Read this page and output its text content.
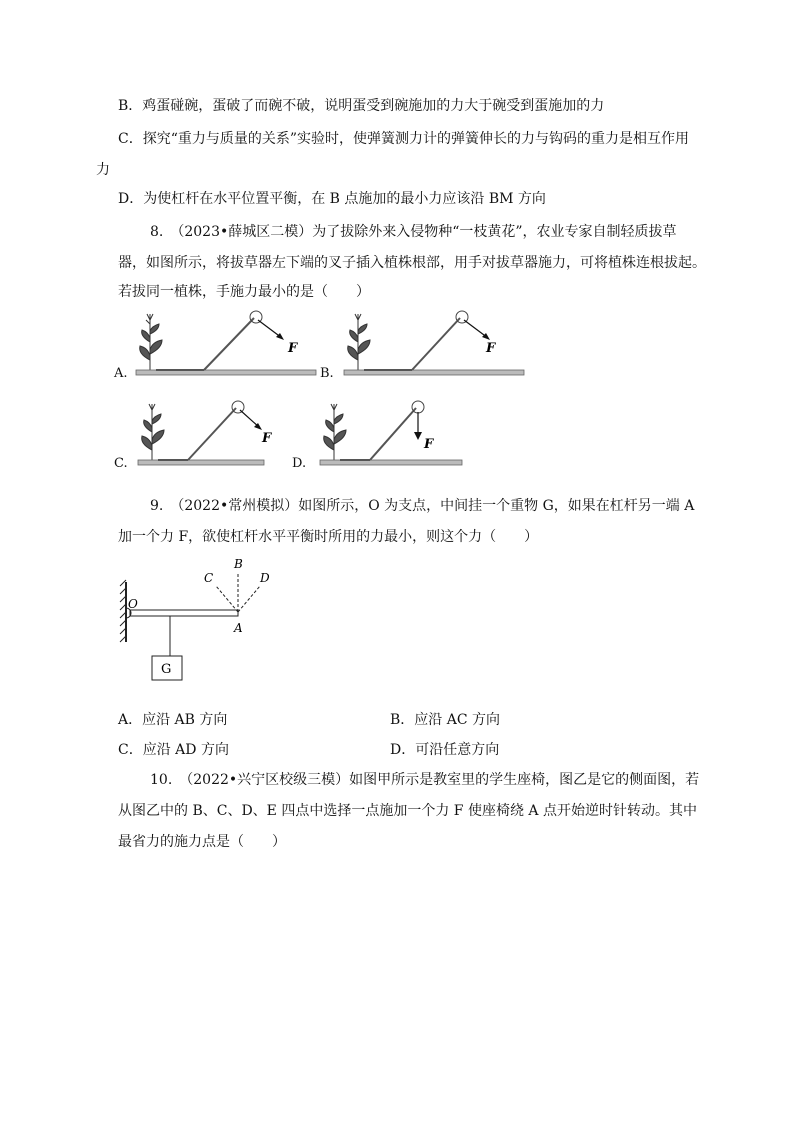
B．鸡蛋碰碗，蛋破了而碗不破，说明蛋受到碗施加的力大于碗受到蛋施加的力
C．探究“重力与质量的关系”实验时，使弹簧测力计的弹簧伸长的力与钩码的重力是相互作用
力
D．为使杠杆在水平位置平衡，在 B 点施加的最小力应该沿 BM 方向
8.　（2023•薛城区二模）为了拔除外来入侵物种“一枝黄花”，农业专家自制轻质拔草
器，如图所示，将拔草器左下端的叉子插入植株根部，用手对拔草器施力，可将植株连根拔起。
若拔同一植株，手施力最小的是（　　）
A.
F
B.
F
C.
F
D.
F
9.　（2022•常州模拟）如图所示，O 为支点，中间挂一个重物 G，如果在杠杆另一端 A
加一个力 F，欲使杠杆水平平衡时所用的力最小，则这个力（　　）
G
O
A
C
B
D
A．应沿 AB 方向	B．应沿 AC 方向
C．应沿 AD 方向	D．可沿任意方向
10.　（2022•兴宁区校级三模）如图甲所示是教室里的学生座椅，图乙是它的侧面图，若
从图乙中的 B、C、D、E 四点中选择一点施加一个力 F 使座椅绕 A 点开始逆时针转动。其中
最省力的施力点是（　　）
